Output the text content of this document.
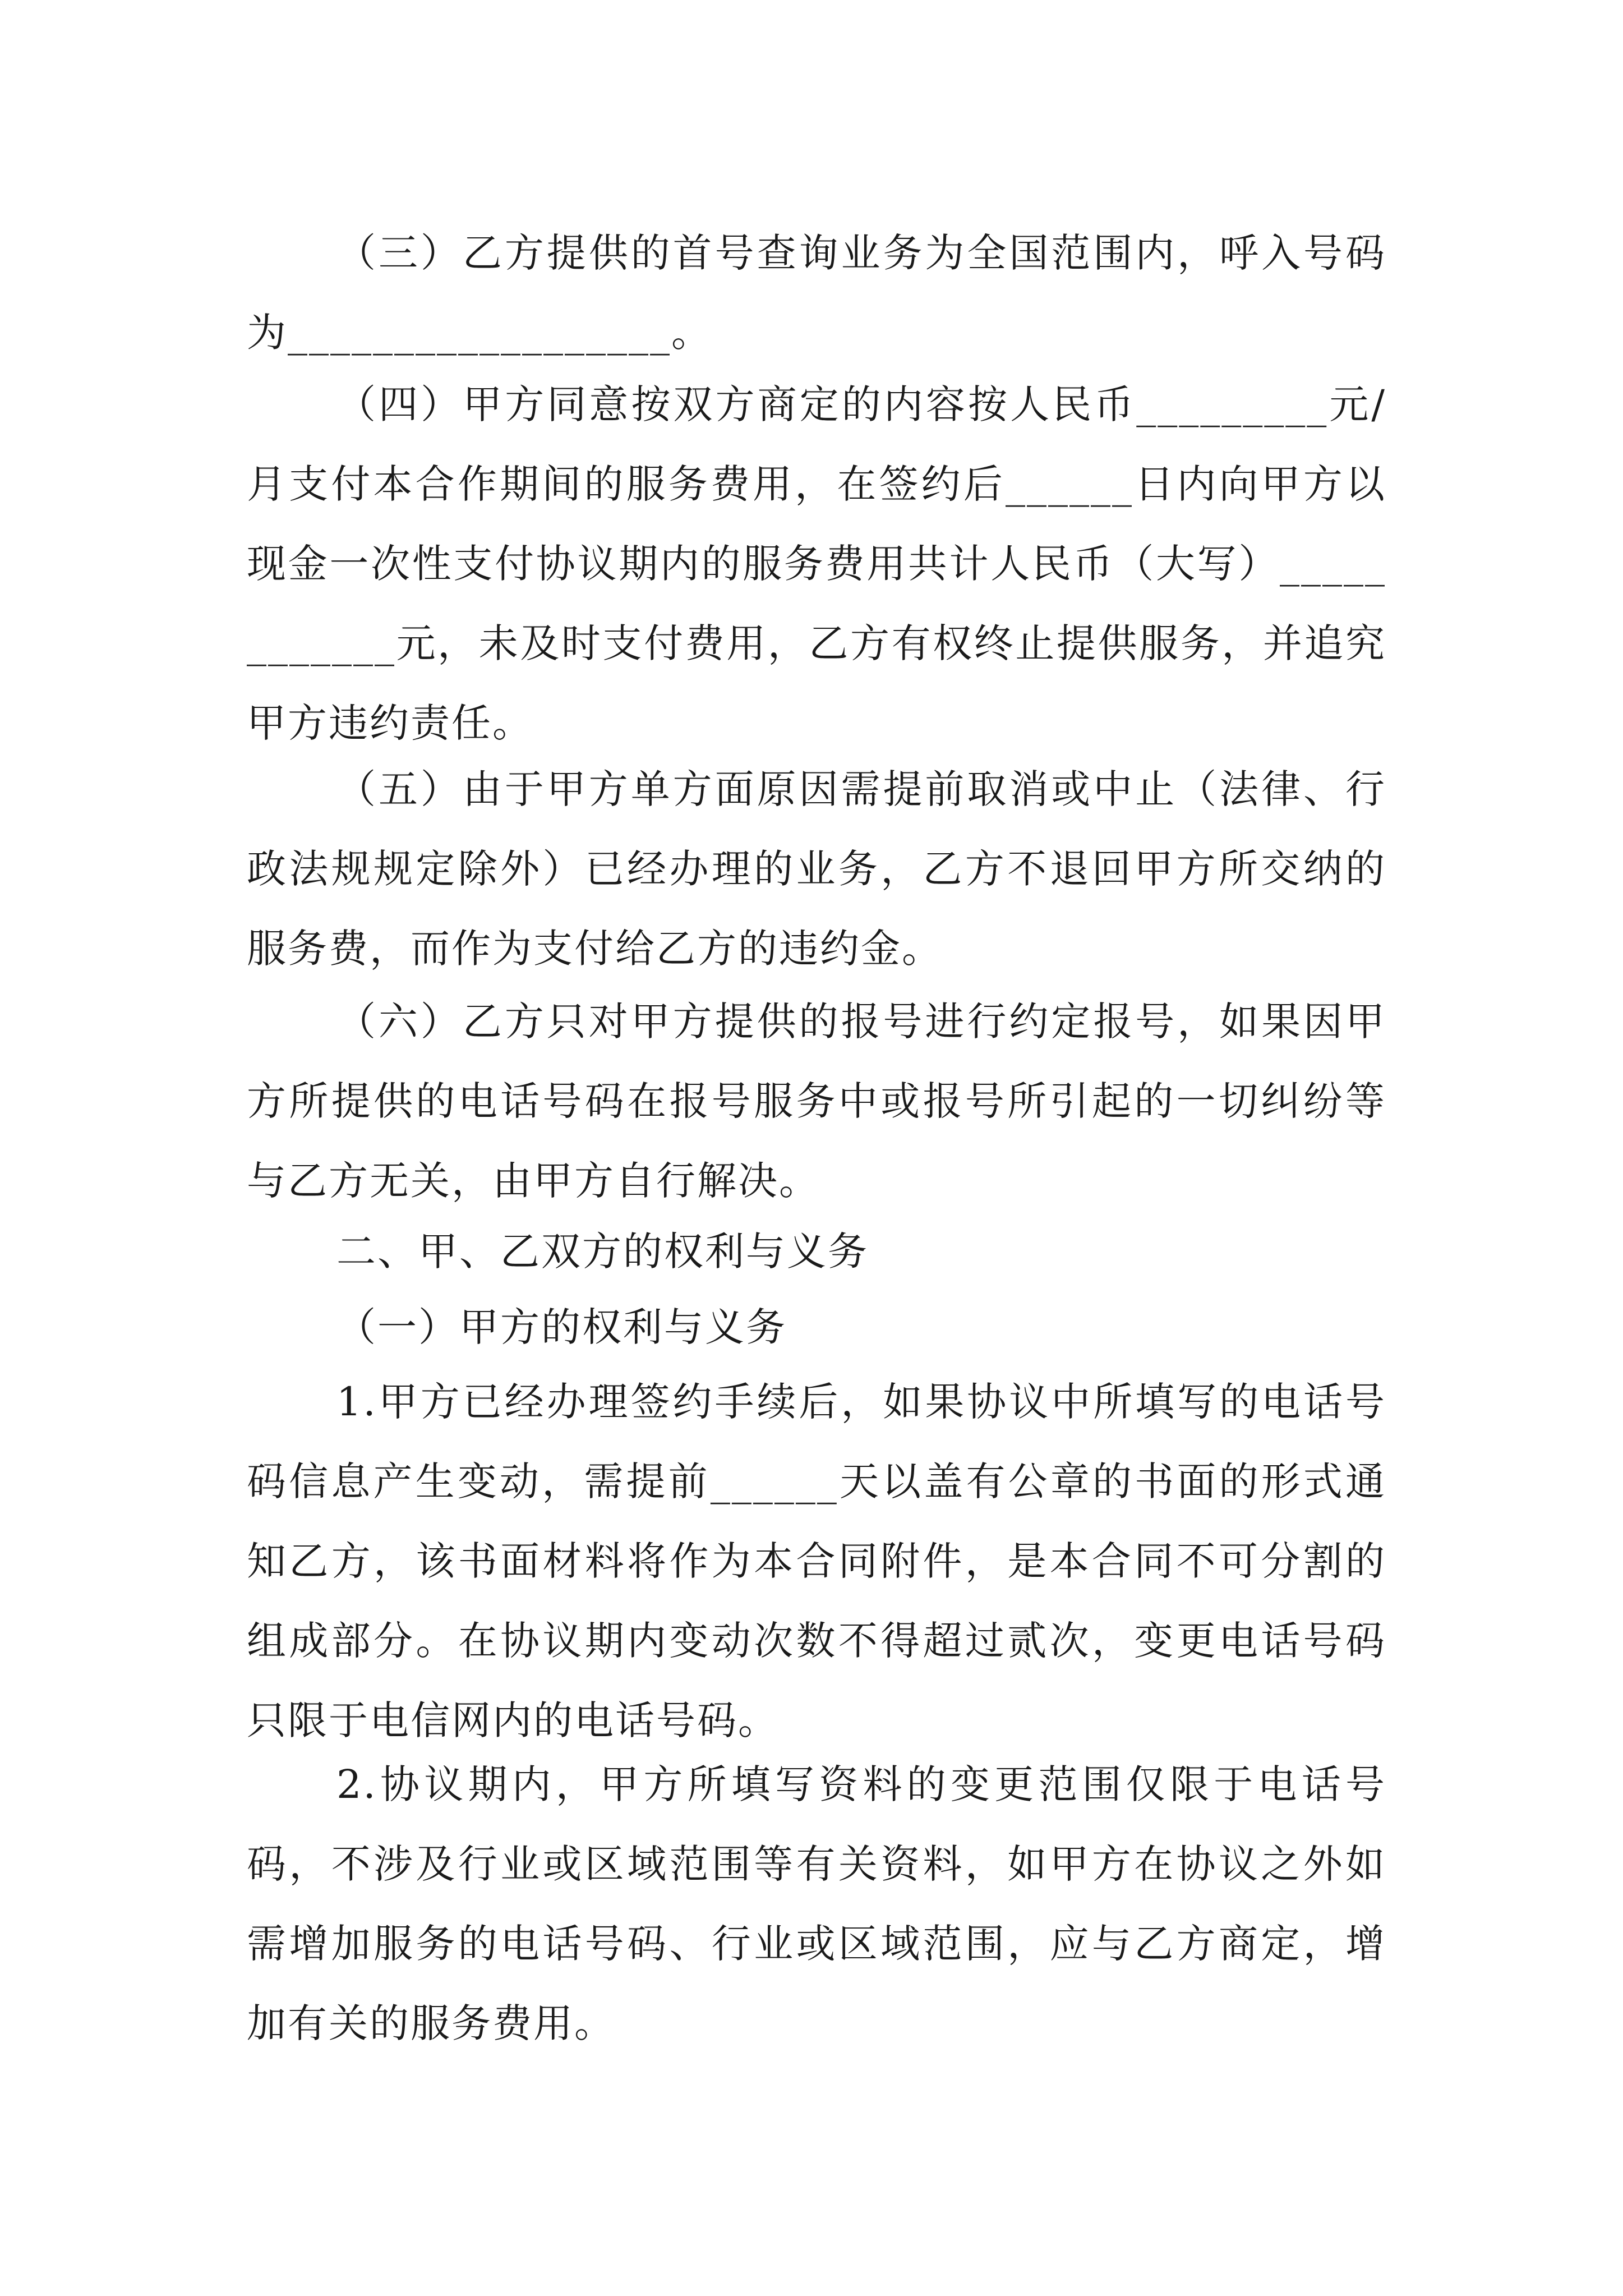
（三）乙方提供的首号查询业务为全国范围内，呼入号码为__________________。

（四）甲方同意按双方商定的内容按人民币_________元/月支付本合作期间的服务费用，在签约后______日内向甲方以现金一次性支付协议期内的服务费用共计人民币（大写）____________元，未及时支付费用，乙方有权终止提供服务，并追究甲方违约责任。

（五）由于甲方单方面原因需提前取消或中止（法律、行政法规规定除外）已经办理的业务，乙方不退回甲方所交纳的服务费，而作为支付给乙方的违约金。

（六）乙方只对甲方提供的报号进行约定报号，如果因甲方所提供的电话号码在报号服务中或报号所引起的一切纠纷等与乙方无关，由甲方自行解决。

二、甲、乙双方的权利与义务

（一）甲方的权利与义务

1.甲方已经办理签约手续后，如果协议中所填写的电话号码信息产生变动，需提前______天以盖有公章的书面的形式通知乙方，该书面材料将作为本合同附件，是本合同不可分割的组成部分。在协议期内变动次数不得超过贰次，变更电话号码只限于电信网内的电话号码。

2.协议期内，甲方所填写资料的变更范围仅限于电话号码，不涉及行业或区域范围等有关资料，如甲方在协议之外如需增加服务的电话号码、行业或区域范围，应与乙方商定，增加有关的服务费用。
